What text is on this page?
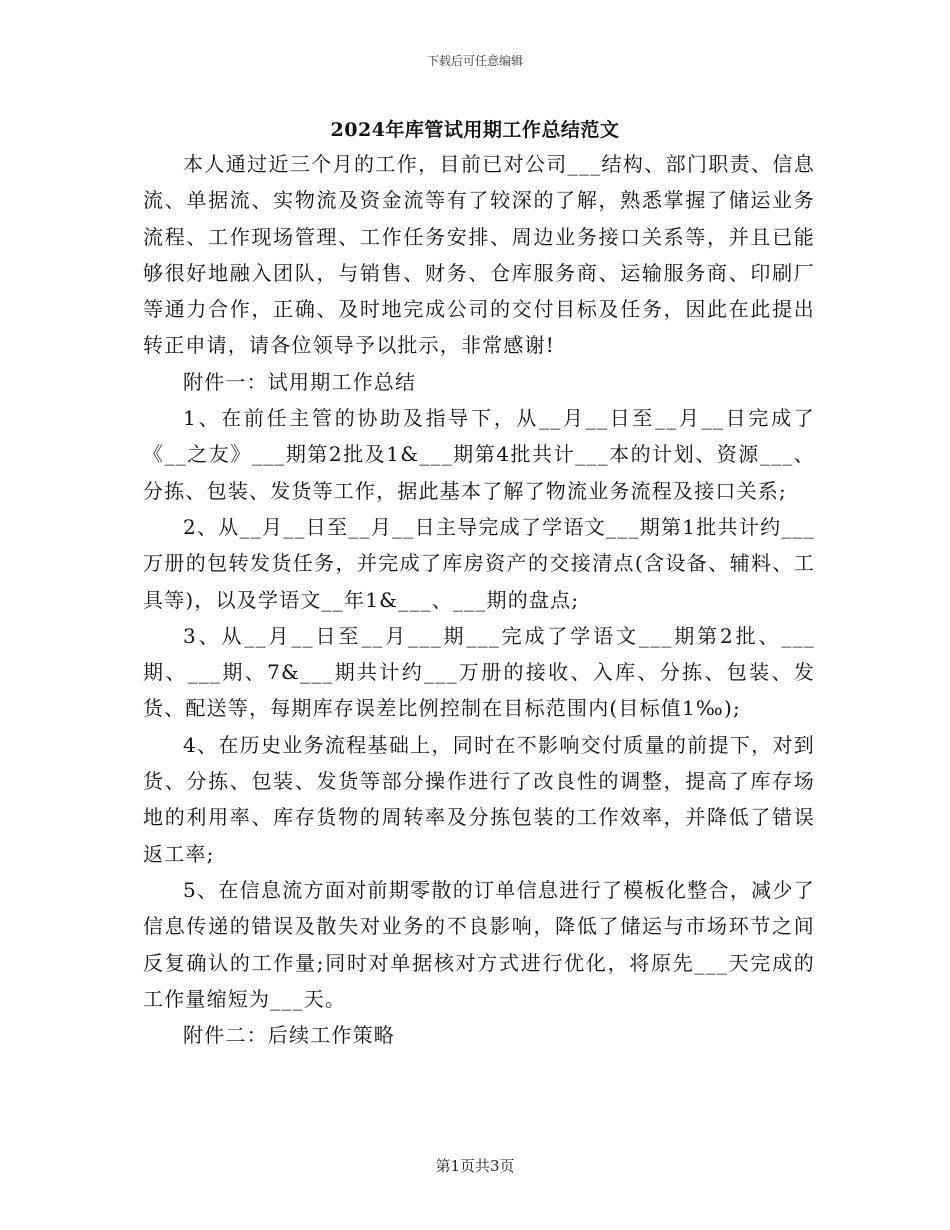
下载后可任意编辑
2024年库管试用期工作总结范文

本人通过近三个月的工作，目前已对公司___结构、部门职责、信息流、单据流、实物流及资金流等有了较深的了解，熟悉掌握了储运业务流程、工作现场管理、工作任务安排、周边业务接口关系等，并且已能够很好地融入团队，与销售、财务、仓库服务商、运输服务商、印刷厂等通力合作，正确、及时地完成公司的交付目标及任务，因此在此提出转正申请，请各位领导予以批示，非常感谢!

附件一：试用期工作总结

1、在前任主管的协助及指导下，从__月__日至__月__日完成了《__之友》___期第2批及1&___期第4批共计___本的计划、资源___、分拣、包装、发货等工作，据此基本了解了物流业务流程及接口关系;

2、从__月__日至__月__日主导完成了学语文___期第1批共计约___万册的包转发货任务，并完成了库房资产的交接清点(含设备、辅料、工具等)，以及学语文__年1&___、___期的盘点;

3、从__月__日至__月___期___完成了学语文___期第2批、___期、___期、7&___期共计约___万册的接收、入库、分拣、包装、发货、配送等，每期库存误差比例控制在目标范围内(目标值1‰);

4、在历史业务流程基础上，同时在不影响交付质量的前提下，对到货、分拣、包装、发货等部分操作进行了改良性的调整，提高了库存场地的利用率、库存货物的周转率及分拣包装的工作效率，并降低了错误返工率;

5、在信息流方面对前期零散的订单信息进行了模板化整合，减少了信息传递的错误及散失对业务的不良影响，降低了储运与市场环节之间反复确认的工作量;同时对单据核对方式进行优化，将原先___天完成的工作量缩短为___天。

附件二：后续工作策略

第1页共3页
